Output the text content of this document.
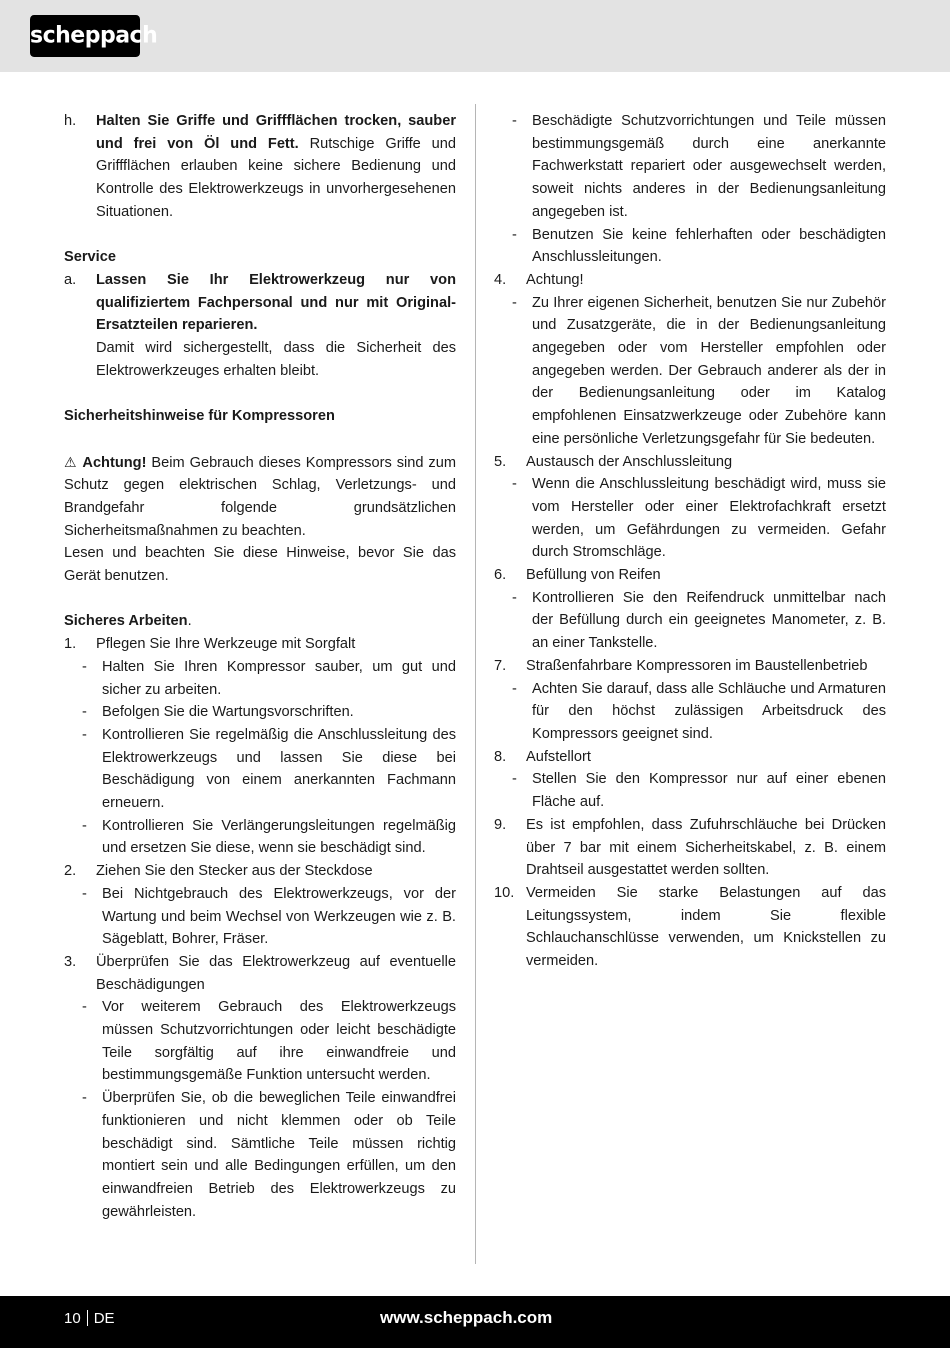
scheppach
h.	Halten Sie Griffe und Griffflächen trocken, sauber und frei von Öl und Fett. Rutschige Griffe und Griffflächen erlauben keine sichere Bedienung und Kontrolle des Elektrowerkzeugs in unvorhergesehenen Situationen.
Service
a.	Lassen Sie Ihr Elektrowerkzeug nur von qualifiziertem Fachpersonal und nur mit Original-Ersatzteilen reparieren.
Damit wird sichergestellt, dass die Sicherheit des Elektrowerkzeuges erhalten bleibt.
Sicherheitshinweise für Kompressoren
⚠ Achtung! Beim Gebrauch dieses Kompressors sind zum Schutz gegen elektrischen Schlag, Verletzungs- und Brandgefahr folgende grundsätzlichen Sicherheitsmaßnahmen zu beachten.
Lesen und beachten Sie diese Hinweise, bevor Sie das Gerät benutzen.
Sicheres Arbeiten.
1.	Pflegen Sie Ihre Werkzeuge mit Sorgfalt
-	Halten Sie Ihren Kompressor sauber, um gut und sicher zu arbeiten.
-	Befolgen Sie die Wartungsvorschriften.
-	Kontrollieren Sie regelmäßig die Anschlussleitung des Elektrowerkzeugs und lassen Sie diese bei Beschädigung von einem anerkannten Fachmann erneuern.
-	Kontrollieren Sie Verlängerungsleitungen regelmäßig und ersetzen Sie diese, wenn sie beschädigt sind.
2.	Ziehen Sie den Stecker aus der Steckdose
-	Bei Nichtgebrauch des Elektrowerkzeugs, vor der Wartung und beim Wechsel von Werkzeugen wie z. B. Sägeblatt, Bohrer, Fräser.
3.	Überprüfen Sie das Elektrowerkzeug auf eventuelle Beschädigungen
-	Vor weiterem Gebrauch des Elektrowerkzeugs müssen Schutzvorrichtungen oder leicht beschädigte Teile sorgfältig auf ihre einwandfreie und bestimmungsgemäße Funktion untersucht werden.
-	Überprüfen Sie, ob die beweglichen Teile einwandfrei funktionieren und nicht klemmen oder ob Teile beschädigt sind. Sämtliche Teile müssen richtig montiert sein und alle Bedingungen erfüllen, um den einwandfreien Betrieb des Elektrowerkzeugs zu gewährleisten.
-	Beschädigte Schutzvorrichtungen und Teile müssen bestimmungsgemäß durch eine anerkannte Fachwerkstatt repariert oder ausgewechselt werden, soweit nichts anderes in der Bedienungsanleitung angegeben ist.
-	Benutzen Sie keine fehlerhaften oder beschädigten Anschlussleitungen.
4.	Achtung!
-	Zu Ihrer eigenen Sicherheit, benutzen Sie nur Zubehör und Zusatzgeräte, die in der Bedienungsanleitung angegeben oder vom Hersteller empfohlen oder angegeben werden. Der Gebrauch anderer als der in der Bedienungsanleitung oder im Katalog empfohlenen Einsatzwerkzeuge oder Zubehöre kann eine persönliche Verletzungsgefahr für Sie bedeuten.
5.	Austausch der Anschlussleitung
-	Wenn die Anschlussleitung beschädigt wird, muss sie vom Hersteller oder einer Elektrofachkraft ersetzt werden, um Gefährdungen zu vermeiden. Gefahr durch Stromschläge.
6.	Befüllung von Reifen
-	Kontrollieren Sie den Reifendruck unmittelbar nach der Befüllung durch ein geeignetes Manometer, z. B. an einer Tankstelle.
7.	Straßenfahrbare Kompressoren im Baustellenbetrieb
-	Achten Sie darauf, dass alle Schläuche und Armaturen für den höchst zulässigen Arbeitsdruck des Kompressors geeignet sind.
8.	Aufstellort
-	Stellen Sie den Kompressor nur auf einer ebenen Fläche auf.
9.	Es ist empfohlen, dass Zufuhrschläuche bei Drücken über 7 bar mit einem Sicherheitskabel, z. B. einem Drahtseil ausgestattet werden sollten.
10. Vermeiden Sie starke Belastungen auf das Leitungssystem, indem Sie flexible Schlauchanschlüsse verwenden, um Knickstellen zu vermeiden.
10 DE	www.scheppach.com
